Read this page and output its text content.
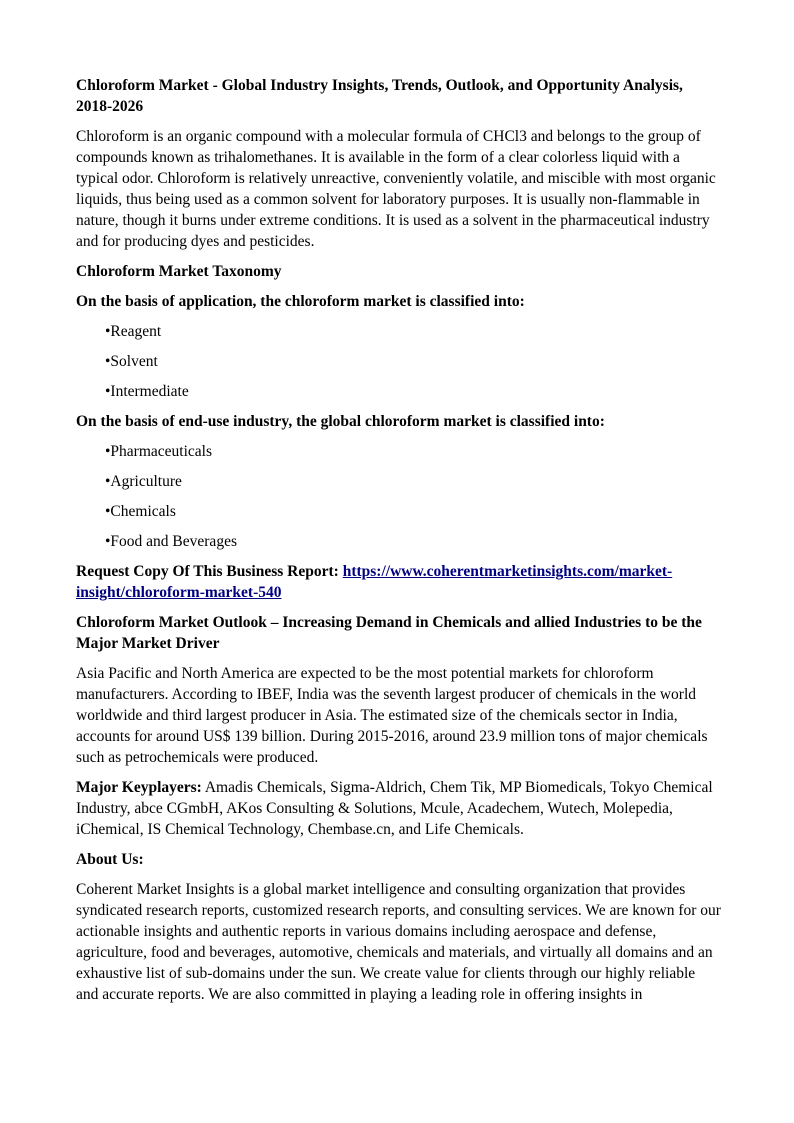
Chloroform Market - Global Industry Insights, Trends, Outlook, and Opportunity Analysis, 2018-2026

Chloroform is an organic compound with a molecular formula of CHCl3 and belongs to the group of compounds known as trihalomethanes. It is available in the form of a clear colorless liquid with a typical odor. Chloroform is relatively unreactive, conveniently volatile, and miscible with most organic liquids, thus being used as a common solvent for laboratory purposes. It is usually non-flammable in nature, though it burns under extreme conditions. It is used as a solvent in the pharmaceutical industry and for producing dyes and pesticides.

Chloroform Market Taxonomy

On the basis of application, the chloroform market is classified into:

•Reagent
•Solvent
•Intermediate

On the basis of end-use industry, the global chloroform market is classified into:

•Pharmaceuticals
•Agriculture
•Chemicals
•Food and Beverages

Request Copy Of This Business Report: https://www.coherentmarketinsights.com/market-insight/chloroform-market-540

Chloroform Market Outlook – Increasing Demand in Chemicals and allied Industries to be the Major Market Driver

Asia Pacific and North America are expected to be the most potential markets for chloroform manufacturers. According to IBEF, India was the seventh largest producer of chemicals in the world worldwide and third largest producer in Asia. The estimated size of the chemicals sector in India, accounts for around US$ 139 billion. During 2015-2016, around 23.9 million tons of major chemicals such as petrochemicals were produced.

Major Keyplayers: Amadis Chemicals, Sigma-Aldrich, Chem Tik, MP Biomedicals, Tokyo Chemical Industry, abce CGmbH, AKos Consulting & Solutions, Mcule, Acadechem, Wutech, Molepedia, iChemical, IS Chemical Technology, Chembase.cn, and Life Chemicals.

About Us:

Coherent Market Insights is a global market intelligence and consulting organization that provides syndicated research reports, customized research reports, and consulting services. We are known for our actionable insights and authentic reports in various domains including aerospace and defense, agriculture, food and beverages, automotive, chemicals and materials, and virtually all domains and an exhaustive list of sub-domains under the sun. We create value for clients through our highly reliable and accurate reports. We are also committed in playing a leading role in offering insights in
